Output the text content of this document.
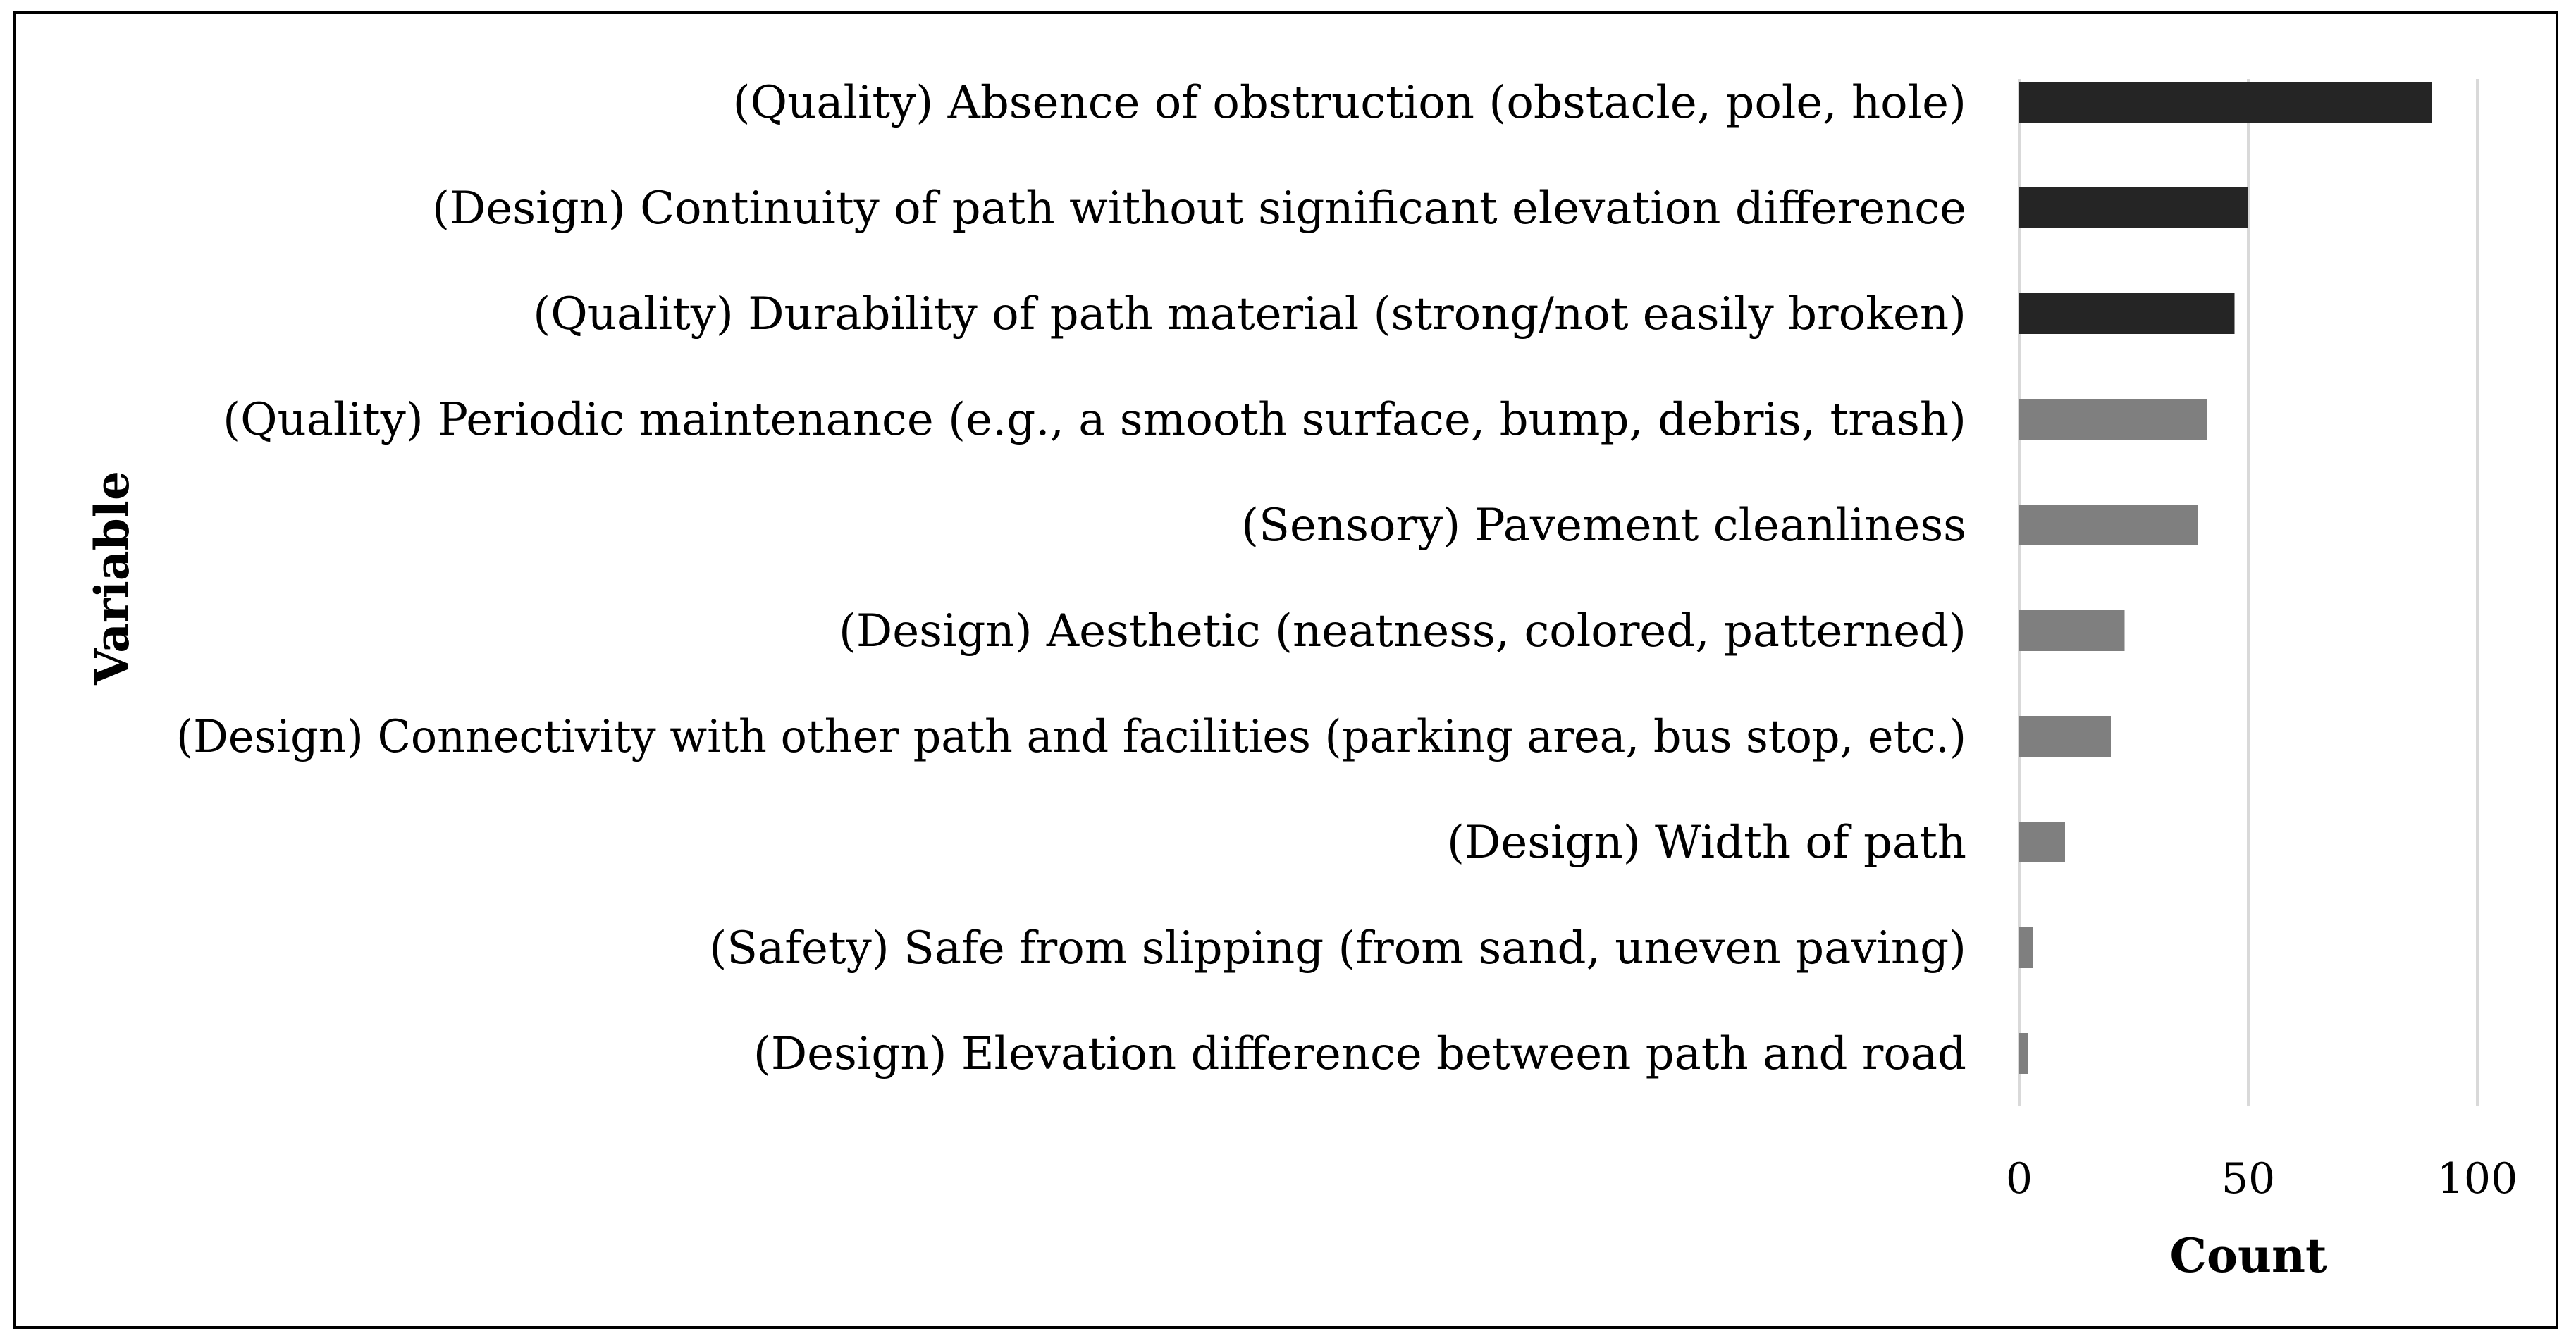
(Quality) Absence of obstruction (obstacle, pole, hole)
(Design) Continuity of path without significant elevation difference
(Quality) Durability of path material (strong/not easily broken)
(Quality) Periodic maintenance (e.g., a smooth surface, bump, debris, trash)
(Sensory) Pavement cleanliness
(Design) Aesthetic (neatness, colored, patterned)
(Design) Connectivity with other path and facilities (parking area, bus stop, etc.)
(Design) Width of path
(Safety) Safe from slipping (from sand, uneven paving)
(Design) Elevation difference between path and road
0	50	100
Count
Variable
